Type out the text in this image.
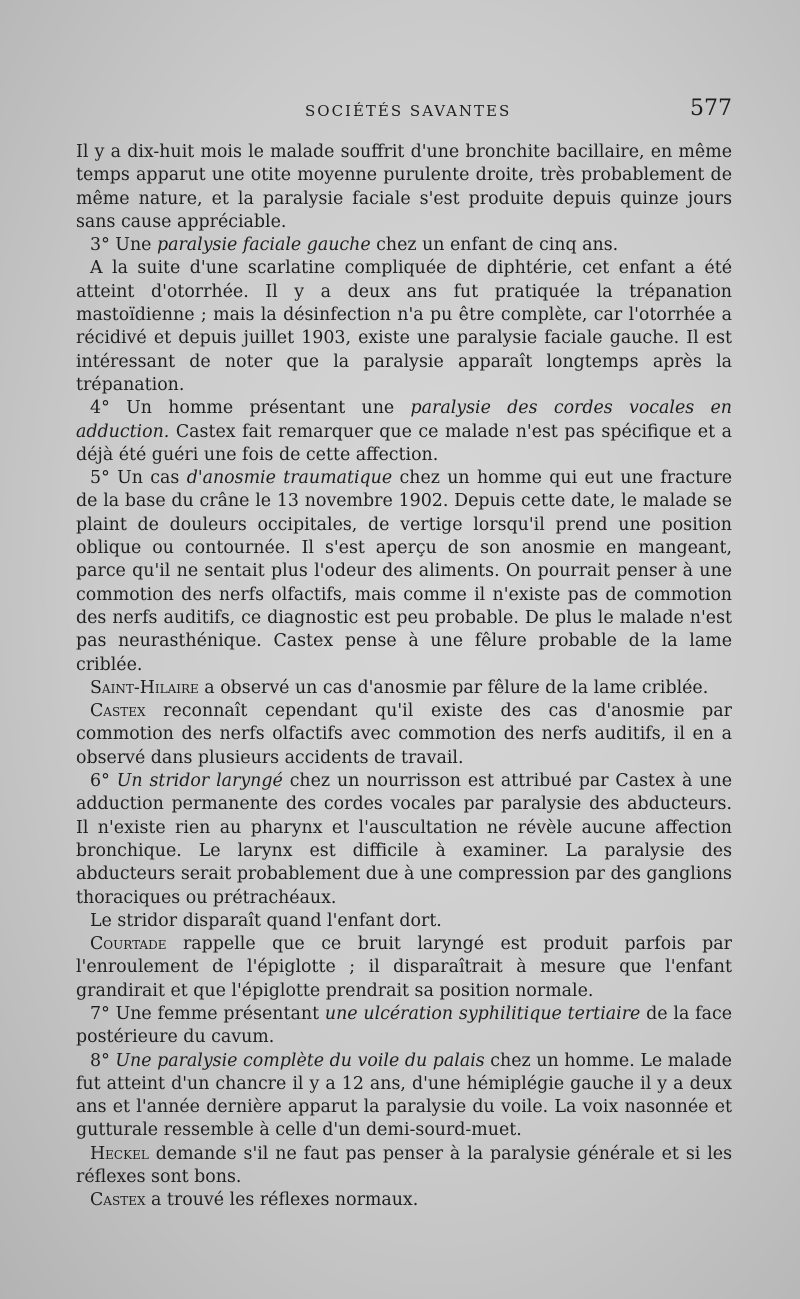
SOCIÉTÉS SAVANTES	577

Il y a dix-huit mois le malade souffrit d'une bronchite bacillaire, en même temps apparut une otite moyenne purulente droite, très probablement de même nature, et la paralysie faciale s'est produite depuis quinze jours sans cause appréciable.

3° Une paralysie faciale gauche chez un enfant de cinq ans.

A la suite d'une scarlatine compliquée de diphtérie, cet enfant a été atteint d'otorrhée. Il y a deux ans fut pratiquée la trépanation mastoïdienne ; mais la désinfection n'a pu être complète, car l'otorrhée a récidivé et depuis juillet 1903, existe une paralysie faciale gauche. Il est intéressant de noter que la paralysie apparaît longtemps après la trépanation.

4° Un homme présentant une paralysie des cordes vocales en adduction. Castex fait remarquer que ce malade n'est pas spécifique et a déjà été guéri une fois de cette affection.

5° Un cas d'anosmie traumatique chez un homme qui eut une fracture de la base du crâne le 13 novembre 1902. Depuis cette date, le malade se plaint de douleurs occipitales, de vertige lorsqu'il prend une position oblique ou contournée. Il s'est aperçu de son anosmie en mangeant, parce qu'il ne sentait plus l'odeur des aliments. On pourrait penser à une commotion des nerfs olfactifs, mais comme il n'existe pas de commotion des nerfs auditifs, ce diagnostic est peu probable. De plus le malade n'est pas neurasthénique. Castex pense à une fêlure probable de la lame criblée.

Saint-Hilaire a observé un cas d'anosmie par fêlure de la lame criblée.

Castex reconnaît cependant qu'il existe des cas d'anosmie par commotion des nerfs olfactifs avec commotion des nerfs auditifs, il en a observé dans plusieurs accidents de travail.

6° Un stridor laryngé chez un nourrisson est attribué par Castex à une adduction permanente des cordes vocales par paralysie des abducteurs. Il n'existe rien au pharynx et l'auscultation ne révèle aucune affection bronchique. Le larynx est difficile à examiner. La paralysie des abducteurs serait probablement due à une compression par des ganglions thoraciques ou prétrachéaux.

Le stridor disparaît quand l'enfant dort.

Courtade rappelle que ce bruit laryngé est produit parfois par l'enroulement de l'épiglotte ; il disparaîtrait à mesure que l'enfant grandirait et que l'épiglotte prendrait sa position normale.

7° Une femme présentant une ulcération syphilitique tertiaire de la face postérieure du cavum.

8° Une paralysie complète du voile du palais chez un homme. Le malade fut atteint d'un chancre il y a 12 ans, d'une hémiplégie gauche il y a deux ans et l'année dernière apparut la paralysie du voile. La voix nasonnée et gutturale ressemble à celle d'un demi-sourd-muet.

Heckel demande s'il ne faut pas penser à la paralysie générale et si les réflexes sont bons.

Castex a trouvé les réflexes normaux.
